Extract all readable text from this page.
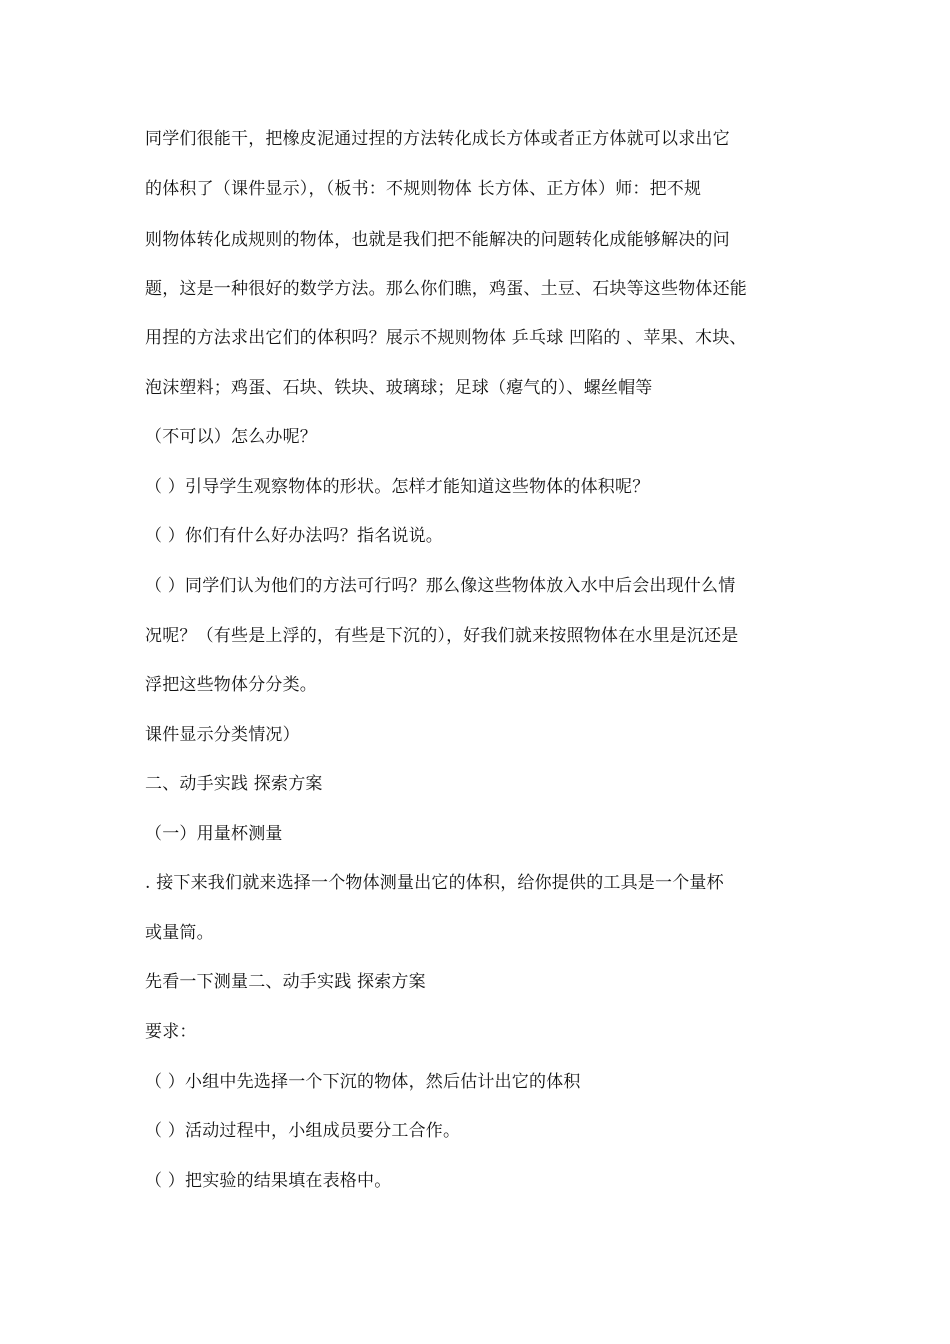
同学们很能干，把橡皮泥通过捏的方法转化成长方体或者正方体就可以求出它
的体积了（课件显示），（板书：不规则物体 长方体、正方体）师：把不规
则物体转化成规则的物体，也就是我们把不能解决的问题转化成能够解决的问
题，这是一种很好的数学方法。那么你们瞧，鸡蛋、土豆、石块等这些物体还能
用捏的方法求出它们的体积吗？展示不规则物体 乒乓球 凹陷的 、苹果、木块、
泡沫塑料；鸡蛋、石块、铁块、玻璃球；足球（瘪气的）、螺丝帽等
（不可以）怎么办呢？
（ ）引导学生观察物体的形状。怎样才能知道这些物体的体积呢？
（ ）你们有什么好办法吗？指名说说。
（ ）同学们认为他们的方法可行吗？那么像这些物体放入水中后会出现什么情
况呢？（有些是上浮的，有些是下沉的），好我们就来按照物体在水里是沉还是
浮把这些物体分分类。
课件显示分类情况）
二、动手实践 探索方案
（一）用量杯测量
. 接下来我们就来选择一个物体测量出它的体积，给你提供的工具是一个量杯
或量筒。
先看一下测量二、动手实践 探索方案
要求：
（ ）小组中先选择一个下沉的物体，然后估计出它的体积
（ ）活动过程中，小组成员要分工合作。
（ ）把实验的结果填在表格中。
